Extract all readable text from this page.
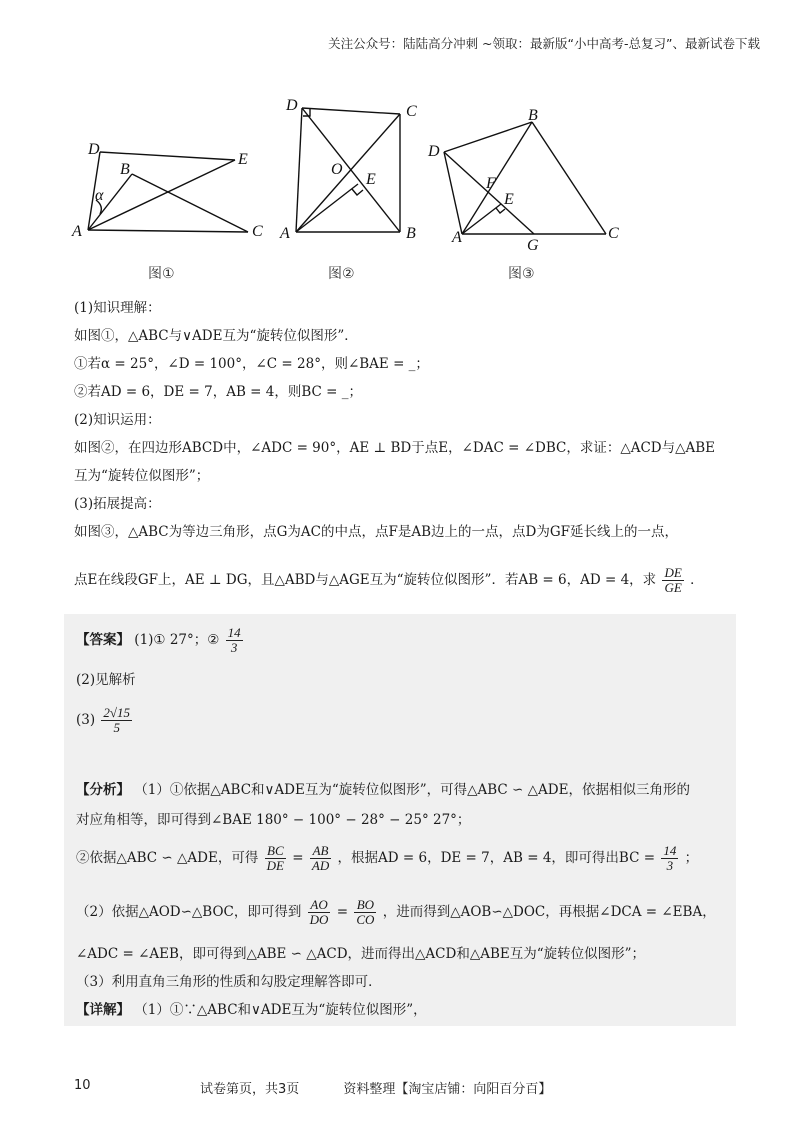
关注公众号：陆陆高分冲刺 ~领取：最新版“小中高考-总复习”、最新试卷下载
D
B
E
α
A	C
D	C
O
E
A	B
B
D
F
E
A	G
C
图①	图②	图③

(1)知识理解：

如图①，△ABC与∨ADE互为“旋转位似图形”．

①若α = 25°，∠D = 100°，∠C = 28°，则∠BAE = _；

②若AD = 6，DE = 7，AB = 4，则BC = _；

(2)知识运用：

如图②，在四边形ABCD中，∠ADC = 90°，AE ⊥ BD于点E，∠DAC = ∠DBC，求证：△ACD与△ABE

互为“旋转位似图形”；

(3)拓展提高：

如图③，△ABC为等边三角形，点G为AC的中点，点F是AB边上的一点，点D为GF延长线上的一点，

点E在线段GF上，AE ⊥ DG，且△ABD与△AGE互为“旋转位似图形”．若AB = 6，AD = 4，求 $\frac{DE}{GE}$ ．

【答案】 (1)① 27°；② $\frac{14}{3}$
(2)见解析
$(3) \frac{2√15}{5}$
【分析】 （1）①依据△ABC和∨ADE互为“旋转位似图形”，可得△ABC ∽ △ADE，依据相似三角形的
对应角相等，即可得到∠BAE 180° − 100° − 28° − 25° 27°；
②依据△ABC ∽ △ADE，可得 $\frac{BC}{DE} = \frac{AB}{AD}$ ，根据AD = 6，DE = 7，AB = 4，即可得出BC = $\frac{14}{3}$ ；
（2）依据△AOD∽△BOC，即可得到 $\frac{AO}{DO} = \frac{BO}{CO}$ ，进而得到△AOB∽△DOC，再根据∠DCA = ∠EBA，
∠ADC = ∠AEB，即可得到△ABE ∽ △ACD，进而得出△ACD和△ABE互为“旋转位似图形”；
（3）利用直角三角形的性质和勾股定理解答即可．
【详解】 （1）①∵△ABC和∨ADE互为“旋转位似图形”，
10	试卷第页，共3页	资料整理【淘宝店铺：向阳百分百】
